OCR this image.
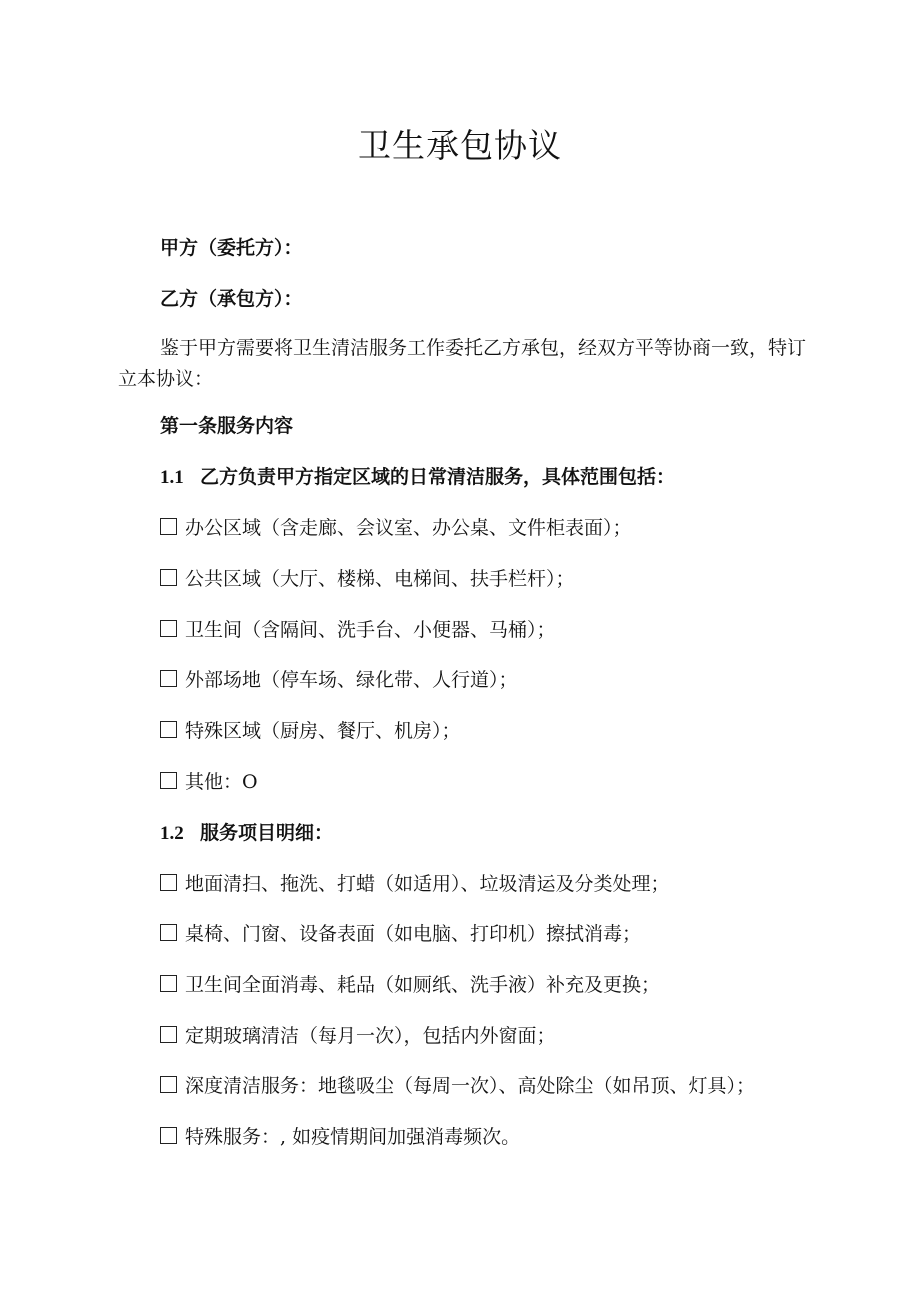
卫生承包协议
甲方（委托方）：
乙方（承包方）：
鉴于甲方需要将卫生清洁服务工作委托乙方承包，经双方平等协商一致，特订立本协议：
第一条服务内容
1.1 乙方负责甲方指定区域的日常清洁服务，具体范围包括：
办公区域（含走廊、会议室、办公桌、文件柜表面）；
公共区域（大厅、楼梯、电梯间、扶手栏杆）；
卫生间（含隔间、洗手台、小便器、马桶）；
外部场地（停车场、绿化带、人行道）；
特殊区域（厨房、餐厅、机房）；
其他：O
1.2 服务项目明细：
地面清扫、拖洗、打蜡（如适用）、垃圾清运及分类处理；
桌椅、门窗、设备表面（如电脑、打印机）擦拭消毒；
卫生间全面消毒、耗品（如厕纸、洗手液）补充及更换；
定期玻璃清洁（每月一次），包括内外窗面；
深度清洁服务：地毯吸尘（每周一次）、高处除尘（如吊顶、灯具）；
特殊服务：, 如疫情期间加强消毒频次。
